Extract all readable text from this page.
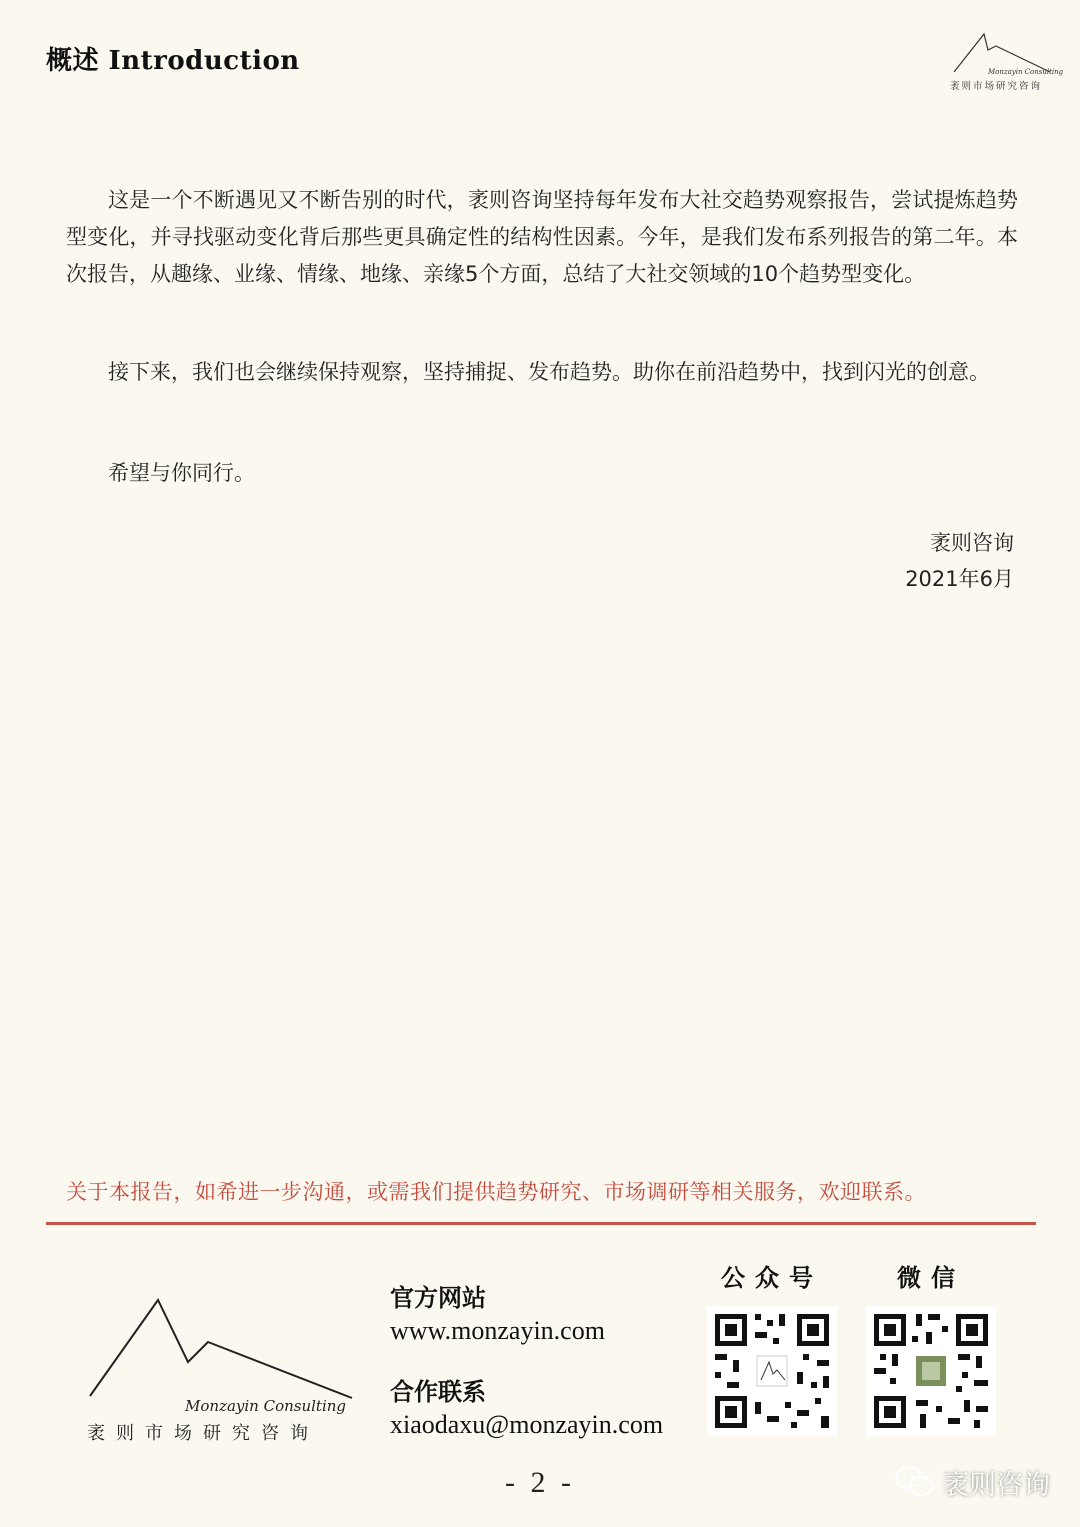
概述 Introduction	Monzayin Consulting
袤则市场研究咨询

这是一个不断遇见又不断告别的时代，袤则咨询坚持每年发布大社交趋势观察报告，尝试提炼趋势型变化，并寻找驱动变化背后那些更具确定性的结构性因素。今年，是我们发布系列报告的第二年。本次报告，从趣缘、业缘、情缘、地缘、亲缘5个方面，总结了大社交领域的10个趋势型变化。

接下来，我们也会继续保持观察，坚持捕捉、发布趋势。助你在前沿趋势中，找到闪光的创意。

希望与你同行。

袤则咨询
2021年6月
关于本报告，如希进一步沟通，或需我们提供趋势研究、市场调研等相关服务，欢迎联系。
Monzayin Consulting
袤则市场研究咨询
官方网站
www.monzayin.com
合作联系
xiaodaxu@monzayin.com
公众号	微信
- 2 -	袤则咨询
